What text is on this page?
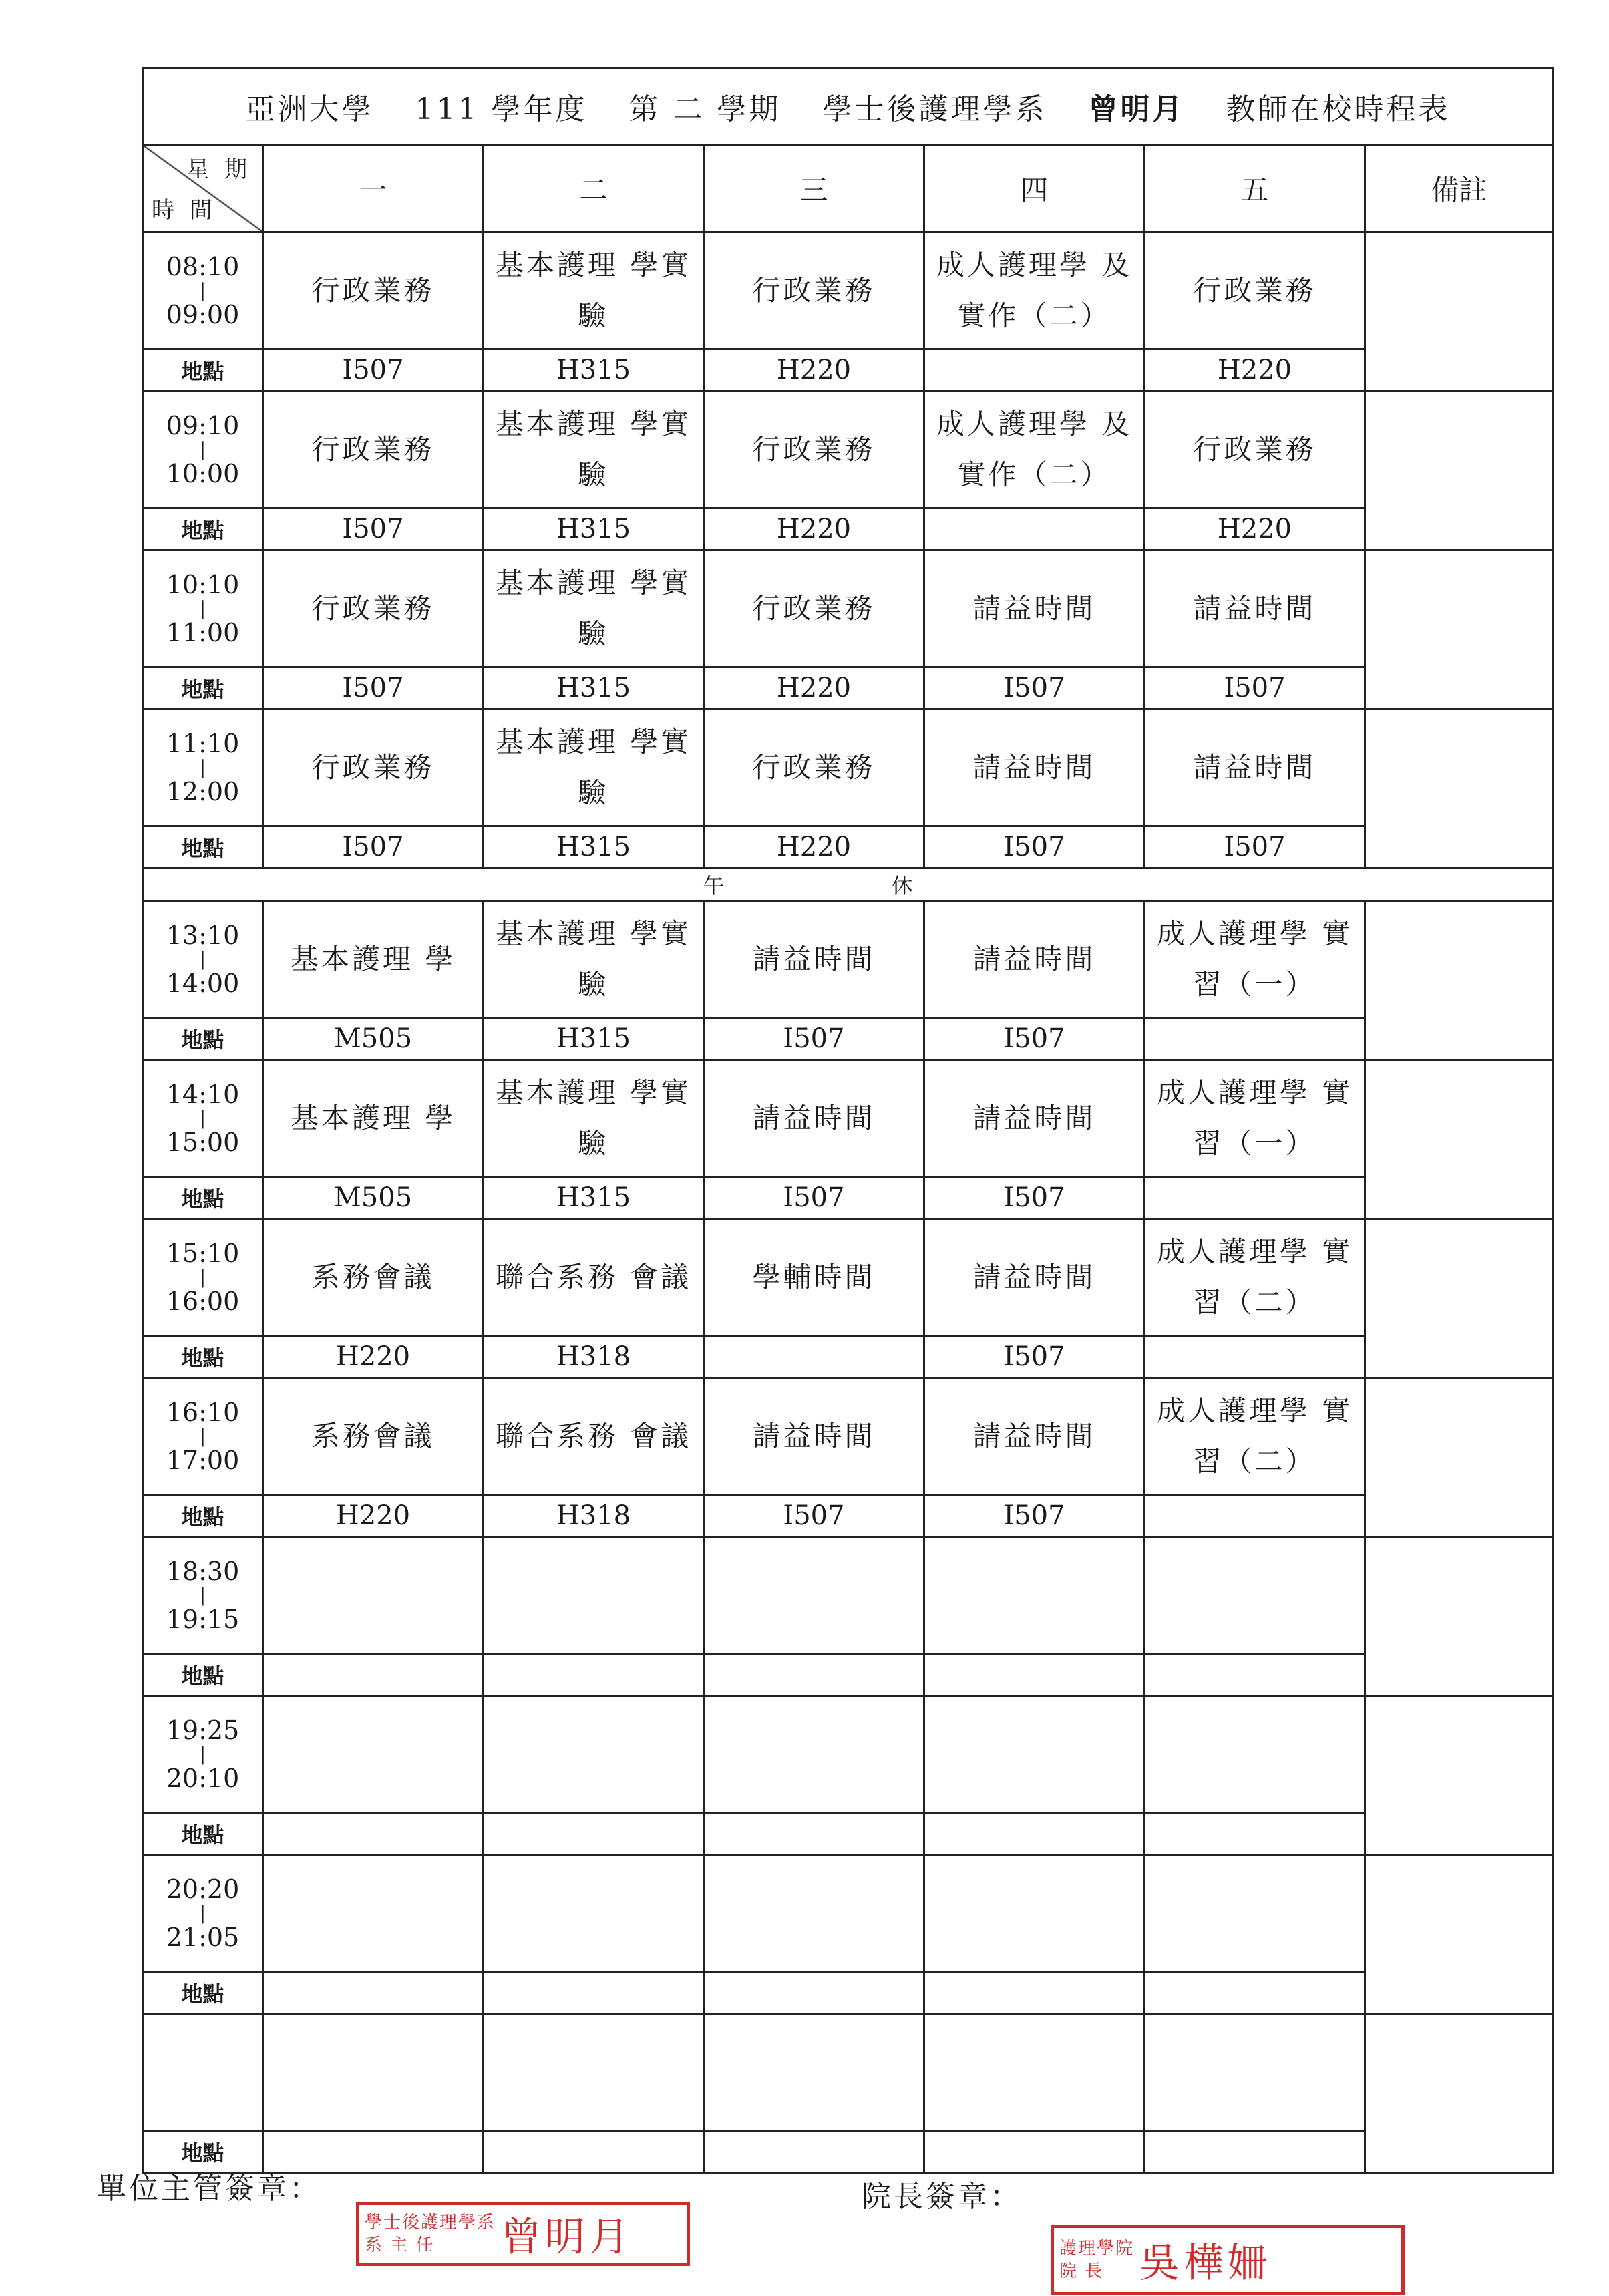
亞洲大學 111 學年度 第 二 學期 學士後護理學系 曾明月 教師在校時程表						

星 期
時 間	一	二	三	四	五	備註
08:10
|
09:00	行政業務	基本護理 學實驗	行政業務	成人護理學 及實作（二）	行政業務	
地點	I507	H315	H220		H220	
09:10
|
10:00	行政業務	基本護理 學實驗	行政業務	成人護理學 及實作（二）	行政業務	
地點	I507	H315	H220		H220	
10:10
|
11:00	行政業務	基本護理 學實驗	行政業務	請益時間	請益時間	
地點	I507	H315	H220	I507	I507	
11:10
|
12:00	行政業務	基本護理 學實驗	行政業務	請益時間	請益時間	
地點	I507	H315	H220	I507	I507	
午 休						
13:10
|
14:00	基本護理 學	基本護理 學實驗	請益時間	請益時間	成人護理學 實習（一）	
地點	M505	H315	I507	I507		
14:10
|
15:00	基本護理 學	基本護理 學實驗	請益時間	請益時間	成人護理學 實習（一）	
地點	M505	H315	I507	I507		
15:10
|
16:00	系務會議	聯合系務 會議	學輔時間	請益時間	成人護理學 實習（二）	
地點	H220	H318		I507		
16:10
|
17:00	系務會議	聯合系務 會議	請益時間	請益時間	成人護理學 實習（二）	
地點	H220	H318	I507	I507		
18:30
|
19:15						
地點						
19:25
|
20:10						
地點						
20:20
|
21:05						
地點						

地點						
單位主管簽章：
學士後護理學系
系 主 任	曾明月
院長簽章：
護理學院
院 長 吳樺姍
